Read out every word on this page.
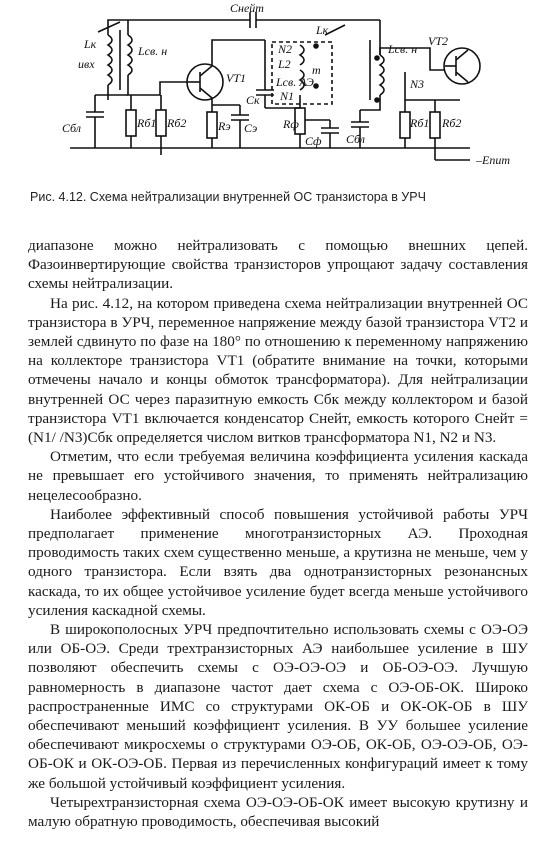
Cнейт
Lк
uвх
Lсв. н
VT1
Lк
N2
L2 m
Lсв. АЭ
N1
Cк
Lсв. н
N3
VT2
Cбл	Rб1 Rб2	Rэ Cэ Rф
Cф Cбл
Rб1 Rб2
–Eпит
Рис. 4.12. Схема нейтрализации внутренней ОС транзистора в УРЧ

диапазоне можно нейтрализовать с помощью внешних цепей. Фазоинвертирующие свойства транзисторов упрощают задачу составления схемы нейтрализации.

На рис. 4.12, на котором приведена схема нейтрализации внутренней ОС транзистора в УРЧ, переменное напряжение между базой транзистора VT2 и землей сдвинуто по фазе на 180° по отношению к переменному напряжению на коллекторе транзистора VT1 (обратите внимание на точки, которыми отмечены начало и концы обмоток трансформатора). Для нейтрализации внутренней ОС через паразитную емкость Cбк между коллектором и базой транзистора VT1 включается конденсатор Cнейт, емкость которого Cнейт = (N1/ /N3)Cбк определяется числом витков трансформатора N1, N2 и N3.

Отметим, что если требуемая величина коэффициента усиления каскада не превышает его устойчивого значения, то применять нейтрализацию нецелесообразно.

Наиболее эффективный способ повышения устойчивой работы УРЧ предполагает применение многотранзисторных АЭ. Проходная проводимость таких схем существенно меньше, а крутизна не меньше, чем у одного транзистора. Если взять два однотранзисторных резонансных каскада, то их общее устойчивое усиление будет всегда меньше устойчивого усиления каскадной схемы.

В широкополосных УРЧ предпочтительно использовать схемы с ОЭ-ОЭ или ОБ-ОЭ. Среди трехтранзисторных АЭ наибольшее усиление в ШУ позволяют обеспечить схемы с ОЭ-ОЭ-ОЭ и ОБ-ОЭ-ОЭ. Лучшую равномерность в диапазоне частот дает схема с ОЭ-ОБ-ОК. Широко распространенные ИМС со структурами ОК-ОБ и ОК-ОК-ОБ в ШУ обеспечивают меньший коэффициент усиления. В УУ большее усиление обеспечивают микросхемы о структурами ОЭ-ОБ, ОК-ОБ, ОЭ-ОЭ-ОБ, ОЭ-ОБ-ОК и ОК-ОЭ-ОБ. Первая из перечисленных конфигураций имеет к тому же большой устойчивый коэффициент усиления.

Четырехтранзисторная схема ОЭ-ОЭ-ОБ-ОК имеет высокую крутизну и малую обратную проводимость, обеспечивая высокий
